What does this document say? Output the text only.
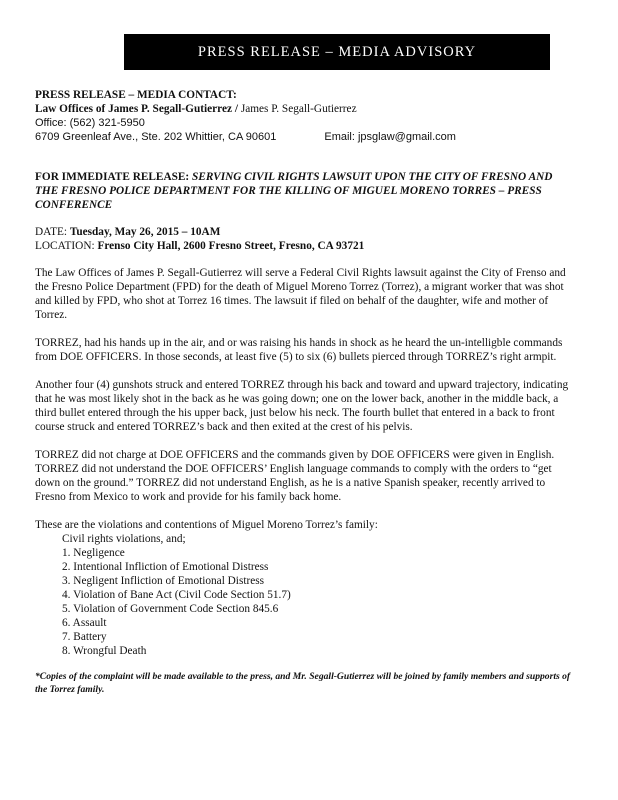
PRESS RELEASE – MEDIA ADVISORY

PRESS RELEASE – MEDIA CONTACT:

Law Offices of James P. Segall-Gutierrez / James P. Segall-Gutierrez

Office: (562) 321-5950

6709 Greenleaf Ave., Ste. 202 Whittier, CA 90601	Email: jpsglaw@gmail.com

FOR IMMEDIATE RELEASE: SERVING CIVIL RIGHTS LAWSUIT UPON THE CITY OF FRESNO AND THE FRESNO POLICE DEPARTMENT FOR THE KILLING OF MIGUEL MORENO TORRES – PRESS CONFERENCE

DATE: Tuesday, May 26, 2015 – 10AM

LOCATION: Frenso City Hall, 2600 Fresno Street, Fresno, CA 93721

The Law Offices of James P. Segall-Gutierrez will serve a Federal Civil Rights lawsuit against the City of Frenso and the Fresno Police Department (FPD) for the death of Miguel Moreno Torrez (Torrez), a migrant worker that was shot and killed by FPD, who shot at Torrez 16 times. The lawsuit if filed on behalf of the daughter, wife and mother of Torrez.

TORREZ, had his hands up in the air, and or was raising his hands in shock as he heard the un-intelligble commands from DOE OFFICERS. In those seconds, at least five (5) to six (6) bullets pierced through TORREZ’s right armpit.

Another four (4) gunshots struck and entered TORREZ through his back and toward and upward trajectory, indicating that he was most likely shot in the back as he was going down; one on the lower back, another in the middle back, a third bullet entered through the his upper back, just below his neck. The fourth bullet that entered in a back to front course struck and entered TORREZ’s back and then exited at the crest of his pelvis.

TORREZ did not charge at DOE OFFICERS and the commands given by DOE OFFICERS were given in English. TORREZ did not understand the DOE OFFICERS’ English language commands to comply with the orders to “get down on the ground.” TORREZ did not understand English, as he is a native Spanish speaker, recently arrived to Fresno from Mexico to work and provide for his family back home.

These are the violations and contentions of Miguel Moreno Torrez’s family:

Civil rights violations, and;

1. Negligence

2. Intentional Infliction of Emotional Distress

3. Negligent Infliction of Emotional Distress

4. Violation of Bane Act (Civil Code Section 51.7)

5. Violation of Government Code Section 845.6

6. Assault

7. Battery

8. Wrongful Death

*Copies of the complaint will be made available to the press, and Mr. Segall-Gutierrez will be joined by family members and supports of the Torrez family.
